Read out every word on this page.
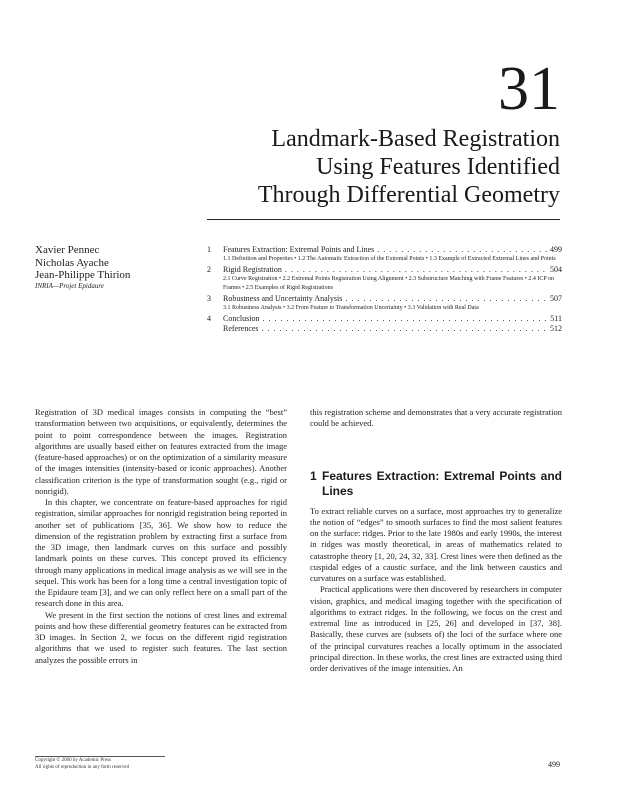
31
Landmark-Based Registration
Using Features Identified
Through Differential Geometry
Xavier Pennec
Nicholas Ayache
Jean-Philippe Thirion
INRIA—Projet Epidaure
1	Features Extraction: Extremal Points and Lines . . .	499
1.1 Definition and Properties • 1.2 The Automatic Extraction of the Extremal Points • 1.3 Example of Extracted Extremal Lines and Points
2	Rigid Registration . . .	504
2.1 Curve Registration • 2.2 Extremal Points Registration Using Alignment • 2.3 Substructure Matching with Frame Features • 2.4 ICP on Frames • 2.5 Examples of Rigid Registrations
3	Robustness and Uncertainty Analysis . . .	507
3.1 Robustness Analysis • 3.2 From Feature to Transformation Uncertainty • 3.3 Validation with Real Data
4	Conclusion . . .	511
References . . .	512

Registration of 3D medical images consists in computing the “best” transformation between two acquisitions, or equivalently, determines the point to point correspondence between the images. Registration algorithms are usually based either on features extracted from the image (feature-based approaches) or on the optimization of a similarity measure of the images intensities (intensity-based or iconic approaches). Another classification criterion is the type of transformation sought (e.g., rigid or nonrigid).

In this chapter, we concentrate on feature-based approaches for rigid registration, similar approaches for nonrigid registration being reported in another set of publications [35, 36]. We show how to reduce the dimension of the registration problem by extracting first a surface from the 3D image, then landmark curves on this surface and possibly landmark points on these curves. This concept proved its efficiency through many applications in medical image analysis as we will see in the sequel. This work has been for a long time a central investigation topic of the Epidaure team [3], and we can only reflect here on a small part of the research done in this area.

We present in the first section the notions of crest lines and extremal points and how these differential geometry features can be extracted from 3D images. In Section 2, we focus on the different rigid registration algorithms that we used to register such features. The last section analyzes the possible errors in

this registration scheme and demonstrates that a very accurate registration could be achieved.

1 Features Extraction: Extremal Points and Lines

To extract reliable curves on a surface, most approaches try to generalize the notion of “edges” to smooth surfaces to find the most salient features on the surface: ridges. Prior to the late 1980s and early 1990s, the interest in ridges was mostly theoretical, in areas of mathematics related to catastrophe theory [1, 20, 24, 32, 33]. Crest lines were then defined as the cuspidal edges of a caustic surface, and the link between caustics and curvatures on a surface was established.

Practical applications were then discovered by researchers in computer vision, graphics, and medical imaging together with the specification of algorithms to extract ridges. In the following, we focus on the crest and extremal line as introduced in [25, 26] and developed in [37, 38]. Basically, these curves are (subsets of) the loci of the surface where one of the principal curvatures reaches a locally optimum in the associated principal direction. In these works, the crest lines are extracted using third order derivatives of the image intensities. An

Copyright © 2000 by Academic Press
All rights of reproduction in any form reserved	499
